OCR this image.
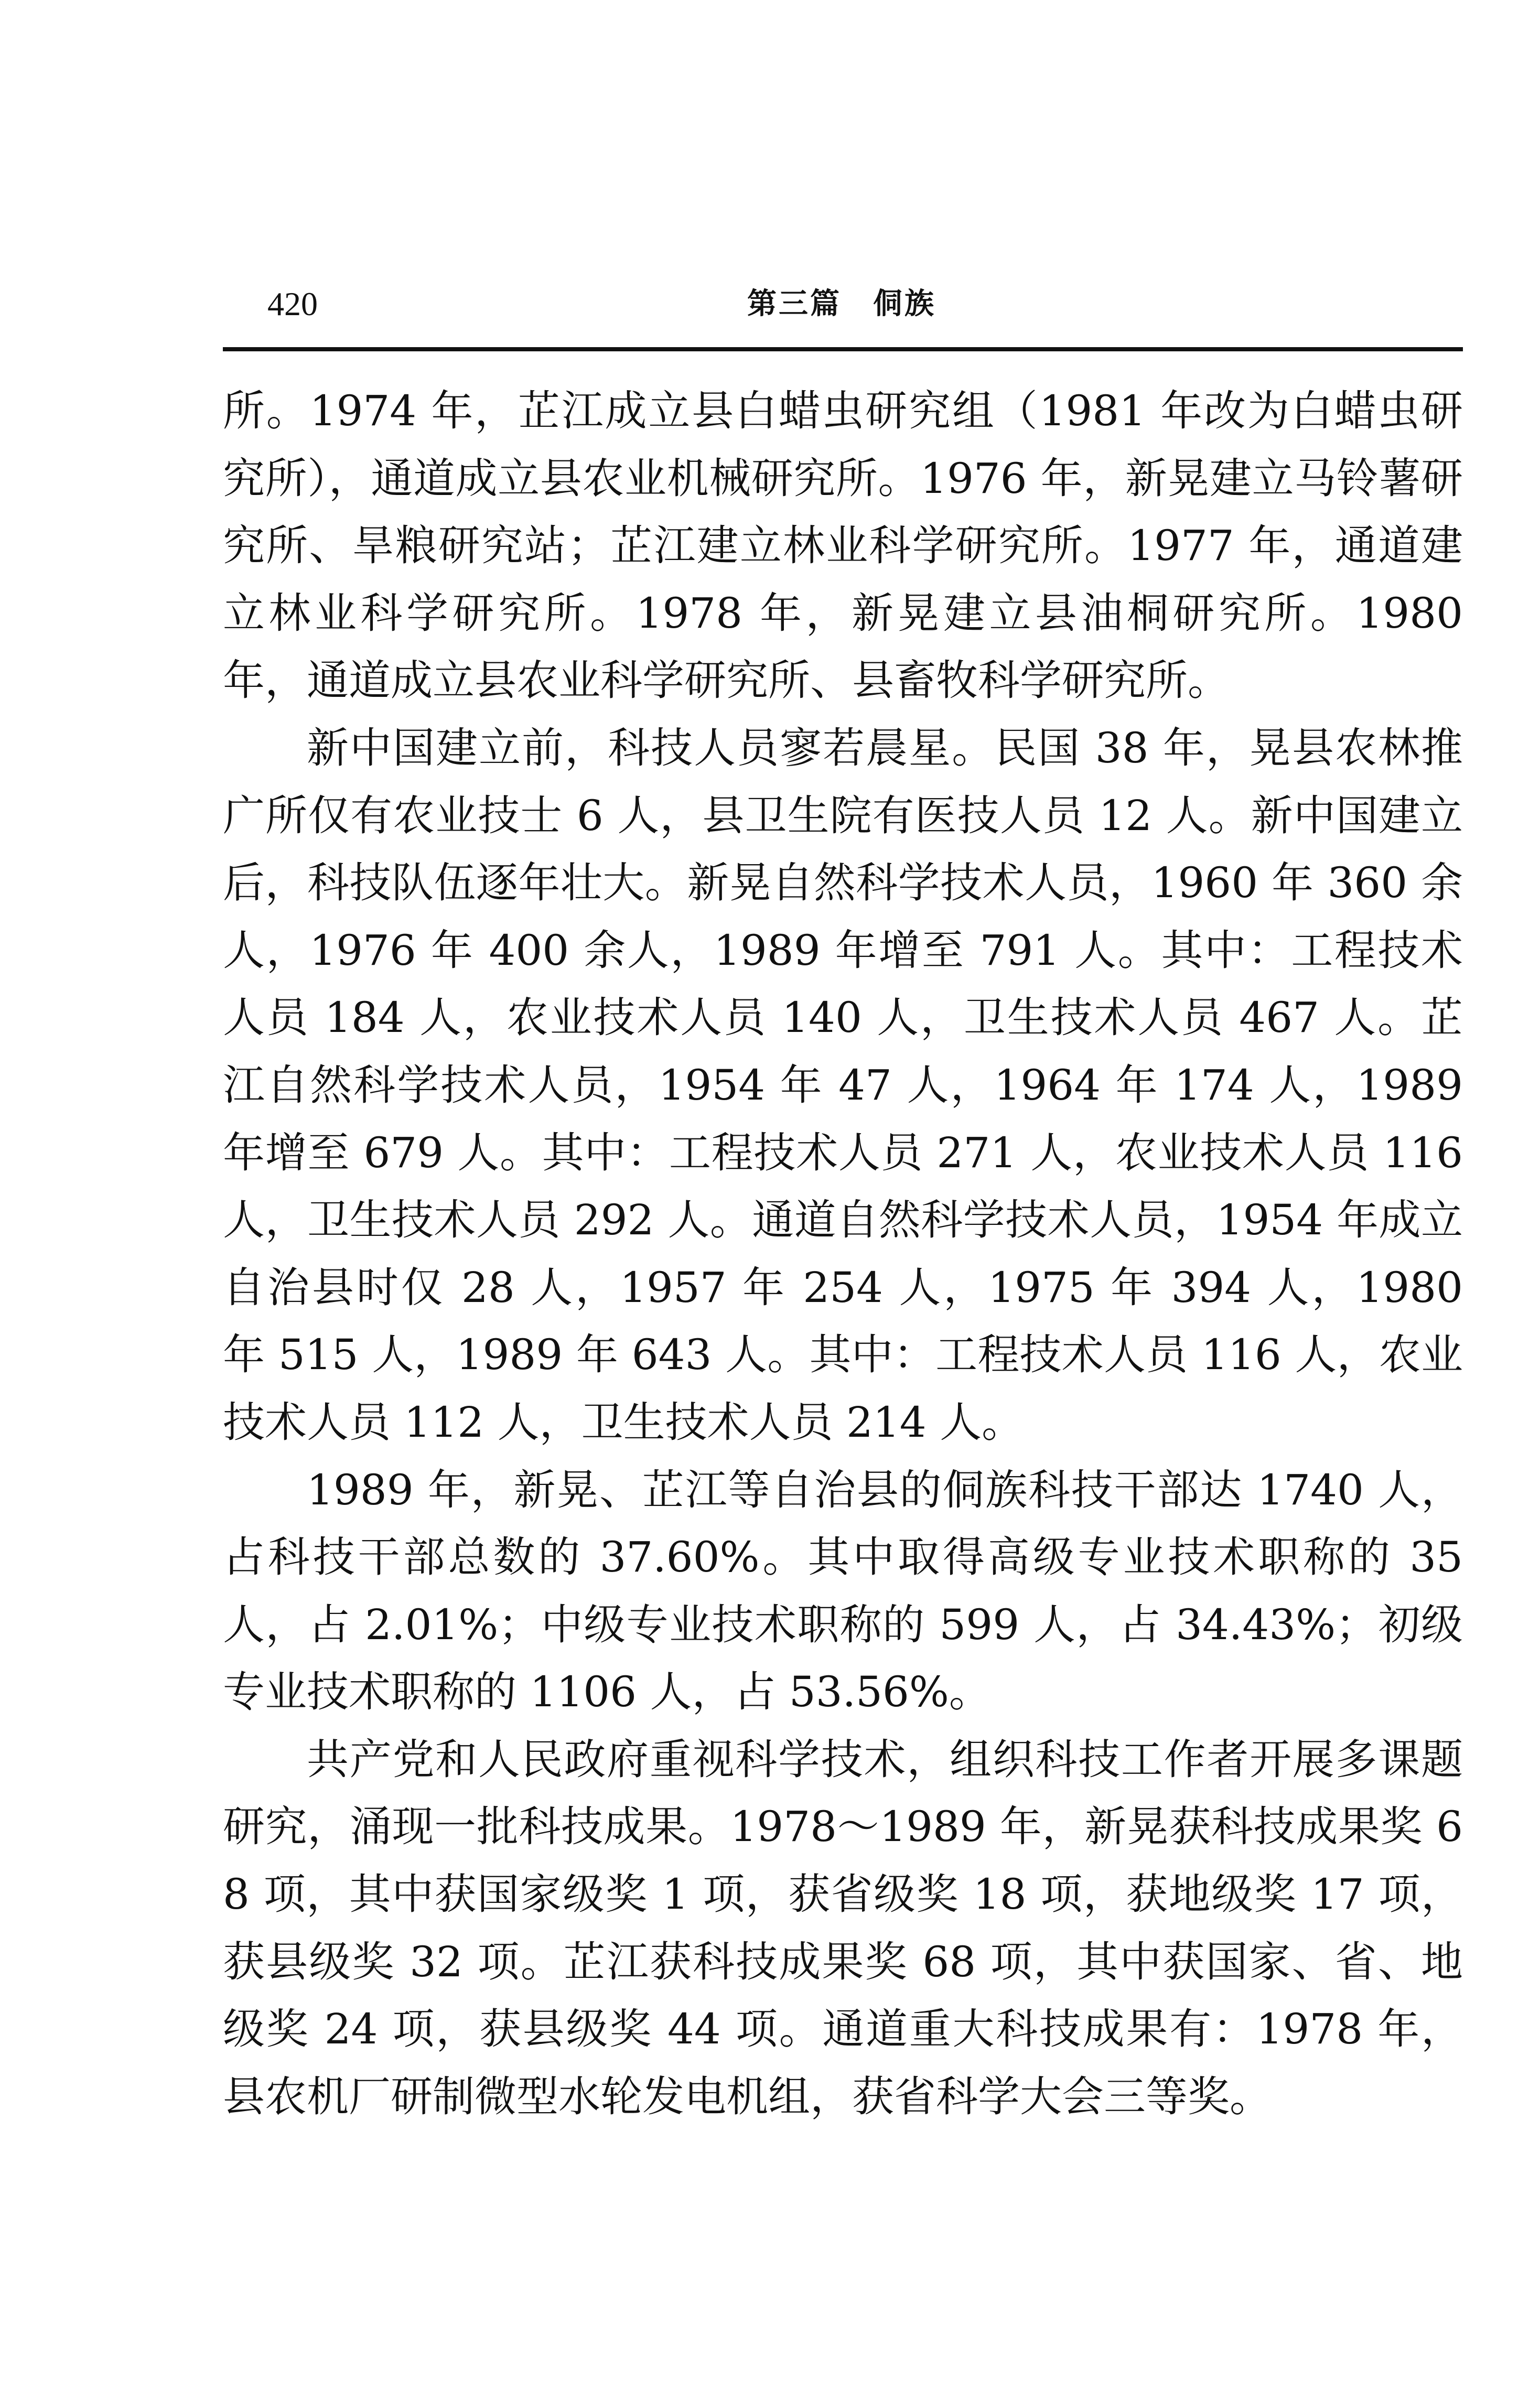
420	第三篇　侗族

所。1974 年，芷江成立县白蜡虫研究组（1981 年改为白蜡虫研究所），通道成立县农业机械研究所。1976 年，新晃建立马铃薯研究所、旱粮研究站；芷江建立林业科学研究所。1977 年，通道建立林业科学研究所。1978 年，新晃建立县油桐研究所。1980 年，通道成立县农业科学研究所、县畜牧科学研究所。

新中国建立前，科技人员寥若晨星。民国 38 年，晃县农林推广所仅有农业技士 6 人，县卫生院有医技人员 12 人。新中国建立后，科技队伍逐年壮大。新晃自然科学技术人员，1960 年 360 余人，1976 年 400 余人，1989 年增至 791 人。其中：工程技术人员 184 人，农业技术人员 140 人，卫生技术人员 467 人。芷江自然科学技术人员，1954 年 47 人，1964 年 174 人，1989 年增至 679 人。其中：工程技术人员 271 人，农业技术人员 116 人，卫生技术人员 292 人。通道自然科学技术人员，1954 年成立自治县时仅 28 人，1957 年 254 人，1975 年 394 人，1980 年 515 人，1989 年 643 人。其中：工程技术人员 116 人，农业技术人员 112 人，卫生技术人员 214 人。

1989 年，新晃、芷江等自治县的侗族科技干部达 1740 人，占科技干部总数的 37.60%。其中取得高级专业技术职称的 35 人，占 2.01%；中级专业技术职称的 599 人，占 34.43%；初级专业技术职称的 1106 人，占 53.56%。

共产党和人民政府重视科学技术，组织科技工作者开展多课题研究，涌现一批科技成果。1978～1989 年，新晃获科技成果奖 68 项，其中获国家级奖 1 项，获省级奖 18 项，获地级奖 17 项，获县级奖 32 项。芷江获科技成果奖 68 项，其中获国家、省、地级奖 24 项，获县级奖 44 项。通道重大科技成果有：1978 年，县农机厂研制微型水轮发电机组，获省科学大会三等奖。
